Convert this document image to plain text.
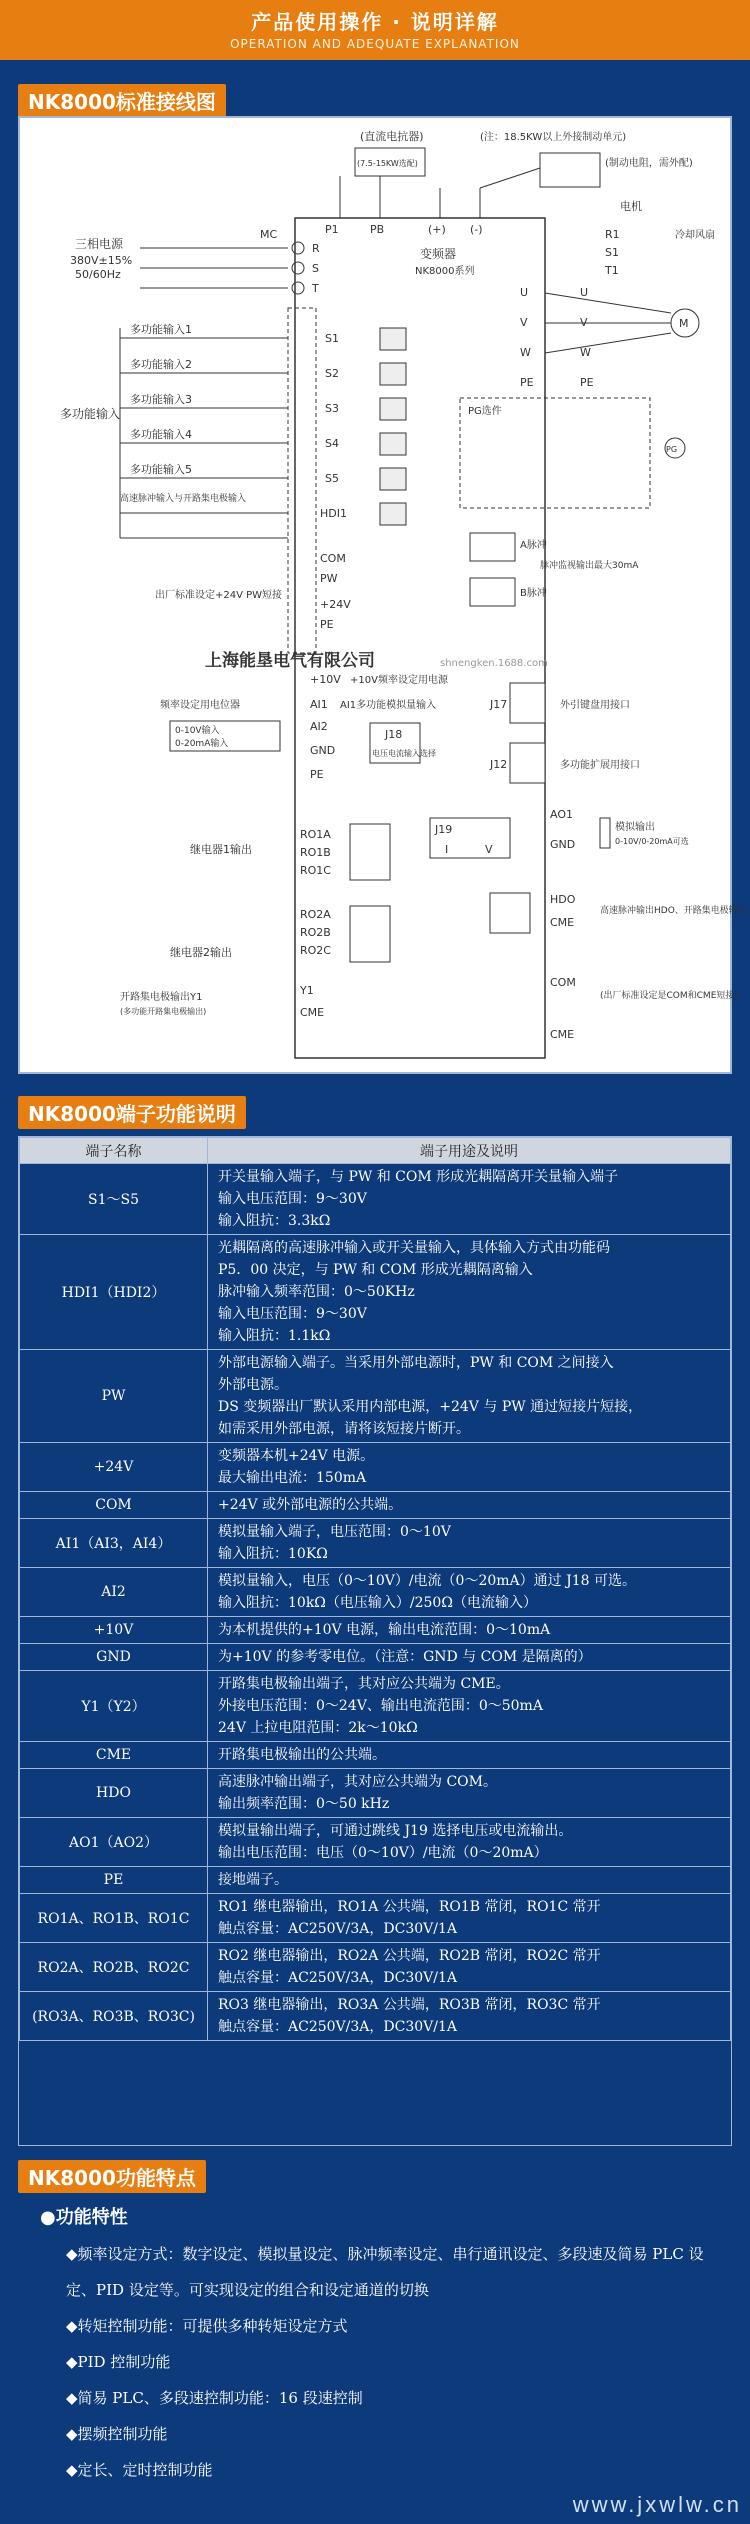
产品使用操作 · 说明详解
OPERATION AND ADEQUATE EXPLANATION
NK8000标准接线图
变频器
NK8000系列
(直流电抗器)
(7.5-15KW选配)
(注：18.5KW以上外接制动单元)
(制动电阻，需外配)
P1	PB	(+) (-)
三相电源
380V±15%
50/60Hz
MC
R
S
T
多功能输入
多功能输入1
多功能输入2
多功能输入3
多功能输入4
多功能输入5
高速脉冲输入与开路集电极输入
S1
S2
S3
S4
S5
HDI1
COM
PW
+24V
PE
出厂标准设定+24V PW短接
上海能垦电气有限公司	shnengken.1688.com
+10V +10V频率设定用电源
频率设定用电位器	AI1 AI1多功能模拟量输入
0-10V输入
0-20mA输入
AI2
GND
PE
J18
电压电流输入选择
继电器1输出
RO1A
RO1B
RO1C
继电器2输出
RO2A
RO2B
RO2C
Y1
CME
开路集电极输出Y1
(多功能开路集电极输出)
电机
冷却风扇
M
PG
R1
S1
T1
U
V
W
PE
U
V
W
PE
PG选件
A脉冲
脉冲监视输出最大30mA
B脉冲
J17	外引键盘用接口
J12	多功能扩展用接口
J19
I	V
AO1
GND
模拟输出
0-10V/0-20mA可选
HDO
CME
高速脉冲输出HDO、开路集电极输出
COM
CME
(出厂标准设定是COM和CME短接)
NK8000端子功能说明
端子名称	端子用途及说明
S1～S5	开关量输入端子，与 PW 和 COM 形成光耦隔离开关量输入端子
输入电压范围：9～30V
输入阻抗：3.3kΩ

HDI1（HDI2）	光耦隔离的高速脉冲输入或开关量输入，具体输入方式由功能码
P5．00 决定，与 PW 和 COM 形成光耦隔离输入
脉冲输入频率范围：0～50KHz
输入电压范围：9～30V
输入阻抗：1.1kΩ

PW	外部电源输入端子。当采用外部电源时，PW 和 COM 之间接入
外部电源。
DS 变频器出厂默认采用内部电源，+24V 与 PW 通过短接片短接，
如需采用外部电源，请将该短接片断开。

+24V	变频器本机+24V 电源。
最大输出电流：150mA

COM	+24V 或外部电源的公共端。

AI1（AI3，AI4）	模拟量输入端子，电压范围：0～10V
输入阻抗：10KΩ

AI2	模拟量输入，电压（0～10V）/电流（0～20mA）通过 J18 可选。
输入阻抗：10kΩ（电压输入）/250Ω（电流输入）

+10V	为本机提供的+10V 电源，输出电流范围：0～10mA

GND	为+10V 的参考零电位。（注意：GND 与 COM 是隔离的）

Y1（Y2）	开路集电极输出端子，其对应公共端为 CME。
外接电压范围：0～24V、输出电流范围：0～50mA
24V 上拉电阻范围：2k～10kΩ

CME	开路集电极输出的公共端。

HDO	高速脉冲输出端子，其对应公共端为 COM。
输出频率范围：0～50 kHz

AO1（AO2）	模拟量输出端子，可通过跳线 J19 选择电压或电流输出。
输出电压范围：电压（0～10V）/电流（0～20mA）

PE	接地端子。

RO1A、RO1B、RO1C	RO1 继电器输出，RO1A 公共端，RO1B 常闭，RO1C 常开
触点容量：AC250V/3A，DC30V/1A

RO2A、RO2B、RO2C	RO2 继电器输出，RO2A 公共端，RO2B 常闭，RO2C 常开
触点容量：AC250V/3A，DC30V/1A

(RO3A、RO3B、RO3C)	RO3 继电器输出，RO3A 公共端，RO3B 常闭，RO3C 常开
触点容量：AC250V/3A，DC30V/1A
NK8000功能特点
●功能特性
◆频率设定方式：数字设定、模拟量设定、脉冲频率设定、串行通讯设定、多段速及简易 PLC 设定、PID 设定等。可实现设定的组合和设定通道的切换
◆转矩控制功能：可提供多种转矩设定方式
◆PID 控制功能
◆简易 PLC、多段速控制功能：16 段速控制
◆摆频控制功能
◆定长、定时控制功能
www.jxwlw.cn
